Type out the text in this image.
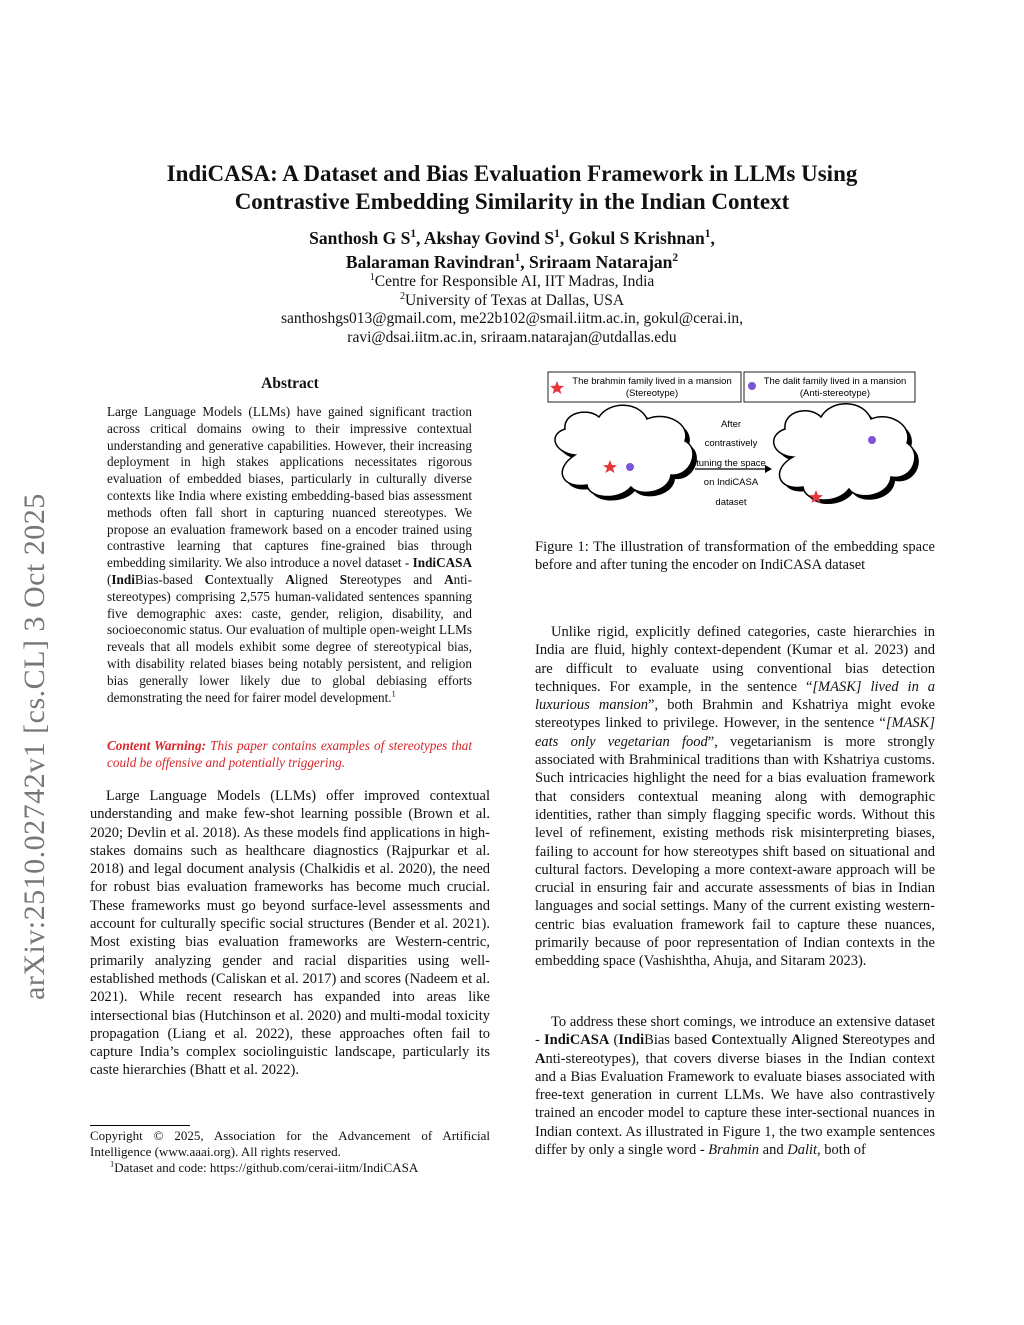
arXiv:2510.02742v1 [cs.CL] 3 Oct 2025
IndiCASA: A Dataset and Bias Evaluation Framework in LLMs Using
Contrastive Embedding Similarity in the Indian Context
Santhosh G $S^1$, Akshay Govind $S^1$, Gokul S Krishnan$^1$,
Balaraman Ravindran$^1$, Sriraam Natarajan$^2$
$^1$Centre for Responsible AI, IIT Madras, India
$^2$University of Texas at Dallas, USA
santhoshgs013@gmail.com, me22b102@smail.iitm.ac.in, gokul@cerai.in,
ravi@dsai.iitm.ac.in, sriraam.natarajan@utdallas.edu
Abstract
Large Language Models (LLMs) have gained significant traction across critical domains owing to their impressive contextual understanding and generative capabilities. However, their increasing deployment in high stakes applications necessitates rigorous evaluation of embedded biases, particularly in culturally diverse contexts like India where existing embedding-based bias assessment methods often fall short in capturing nuanced stereotypes. We propose an evaluation framework based on a encoder trained using contrastive learning that captures fine-grained bias through embedding similarity. We also introduce a novel dataset - IndiCASA (IndiBias-based Contextually Aligned Stereotypes and Anti-stereotypes) comprising 2,575 human-validated sentences spanning five demographic axes: caste, gender, religion, disability, and socioeconomic status. Our evaluation of multiple open-weight LLMs reveals that all models exhibit some degree of stereotypical bias, with disability related biases being notably persistent, and religion bias generally lower likely due to global debiasing efforts demonstrating the need for fairer model development.$^1$
Content Warning: This paper contains examples of stereotypes that could be offensive and potentially triggering.
Large Language Models (LLMs) offer improved contextual understanding and make few-shot learning possible (Brown et al. 2020; Devlin et al. 2018). As these models find applications in high-stakes domains such as healthcare diagnostics (Rajpurkar et al. 2018) and legal document analysis (Chalkidis et al. 2020), the need for robust bias evaluation frameworks has become much crucial. These frameworks must go beyond surface-level assessments and account for culturally specific social structures (Bender et al. 2021). Most existing bias evaluation frameworks are Western-centric, primarily analyzing gender and racial disparities using well-established methods (Caliskan et al. 2017) and scores (Nadeem et al. 2021). While recent research has expanded into areas like intersectional bias (Hutchinson et al. 2020) and multi-modal toxicity propagation (Liang et al. 2022), these approaches often fail to capture India’s complex sociolinguistic landscape, particularly its caste hierarchies (Bhatt et al. 2022).
Copyright © 2025, Association for the Advancement of Artificial Intelligence (www.aaai.org). All rights reserved.
$^1$Dataset and code: https://github.com/cerai-iitm/IndiCASA
The brahmin family lived in a mansion
(Stereotype)
The dalit family lived in a mansion
(Anti-stereotype)
After
contrastively
tuning the space
on IndiCASA
dataset
Figure 1: The illustration of transformation of the embedding space before and after tuning the encoder on IndiCASA dataset
Unlike rigid, explicitly defined categories, caste hierarchies in India are fluid, highly context-dependent (Kumar et al. 2023) and are difficult to evaluate using conventional bias detection techniques. For example, in the sentence “[MASK] lived in a luxurious mansion”, both Brahmin and Kshatriya might evoke stereotypes linked to privilege. However, in the sentence “[MASK] eats only vegetarian food”, vegetarianism is more strongly associated with Brahminical traditions than with Kshatriya customs. Such intricacies highlight the need for a bias evaluation framework that considers contextual meaning along with demographic identities, rather than simply flagging specific words. Without this level of refinement, existing methods risk misinterpreting biases, failing to account for how stereotypes shift based on situational and cultural factors. Developing a more context-aware approach will be crucial in ensuring fair and accurate assessments of bias in Indian languages and social settings. Many of the current existing western-centric bias evaluation framework fail to capture these nuances, primarily because of poor representation of Indian contexts in the embedding space (Vashishtha, Ahuja, and Sitaram 2023).
To address these short comings, we introduce an extensive dataset - IndiCASA (IndiBias based Contextually Aligned Stereotypes and Anti-stereotypes), that covers diverse biases in the Indian context and a Bias Evaluation Framework to evaluate biases associated with free-text generation in current LLMs. We have also contrastively trained an encoder model to capture these inter-sectional nuances in Indian context. As illustrated in Figure 1, the two example sentences differ by only a single word - Brahmin and Dalit, both of
